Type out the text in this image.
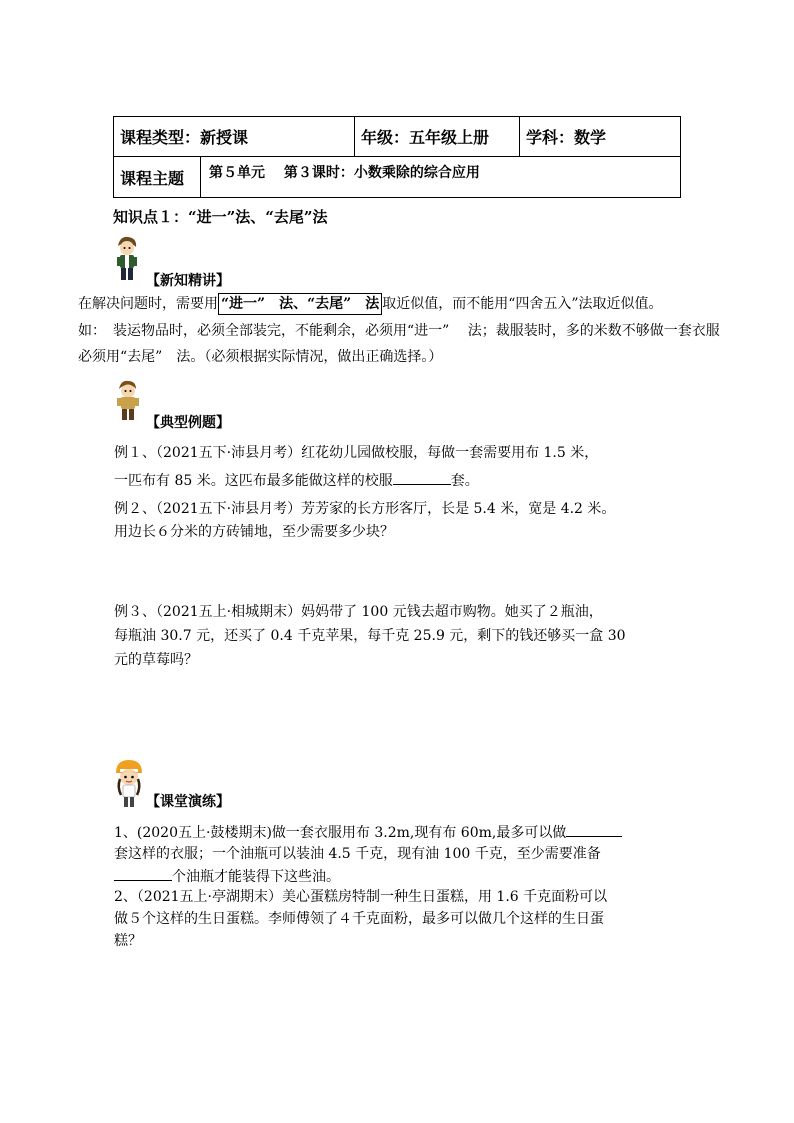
课程类型：新授课	年级：五年级上册	学科：数学

课程主题	第５单元　 第３课时：小数乘除的综合应用
知识点１：“进一”法、“去尾”法
【新知精讲】
在解决问题时，需要用 “进一”　法、“去尾”　法 取近似值，而不能用“四舍五入”法取近似值。
如：　装运物品时，必须全部装完，不能剩余，必须用“进一”　 法；裁服装时，多的米数不够做一套衣服
必须用“去尾”　法。（必须根据实际情况，做出正确选择。）
【典型例题】
例１、（2021五下·沛县月考）红花幼儿园做校服，每做一套需要用布 1.5 米，
一匹布有 85 米。这匹布最多能做这样的校服	套。
例２、（2021五下·沛县月考）芳芳家的长方形客厅，长是 5.4 米，宽是 4.2 米。
用边长６分米的方砖铺地，至少需要多少块？
例３、（2021五上·相城期末）妈妈带了 100 元钱去超市购物。她买了２瓶油，
每瓶油 30.7 元，还买了 0.4 千克苹果，每千克 25.9 元，剩下的钱还够买一盒 30
元的草莓吗？
【课堂演练】
1、(2020五上·鼓楼期末)做一套衣服用布 3.2m,现有布 60m,最多可以做
套这样的衣服；一个油瓶可以装油 4.5 千克，现有油 100 千克，至少需要准备
个油瓶才能装得下这些油。
2、（2021五上·亭湖期末）美心蛋糕房特制一种生日蛋糕，用 1.6 千克面粉可以
做５个这样的生日蛋糕。李师傅领了４千克面粉，最多可以做几个这样的生日蛋
糕？
